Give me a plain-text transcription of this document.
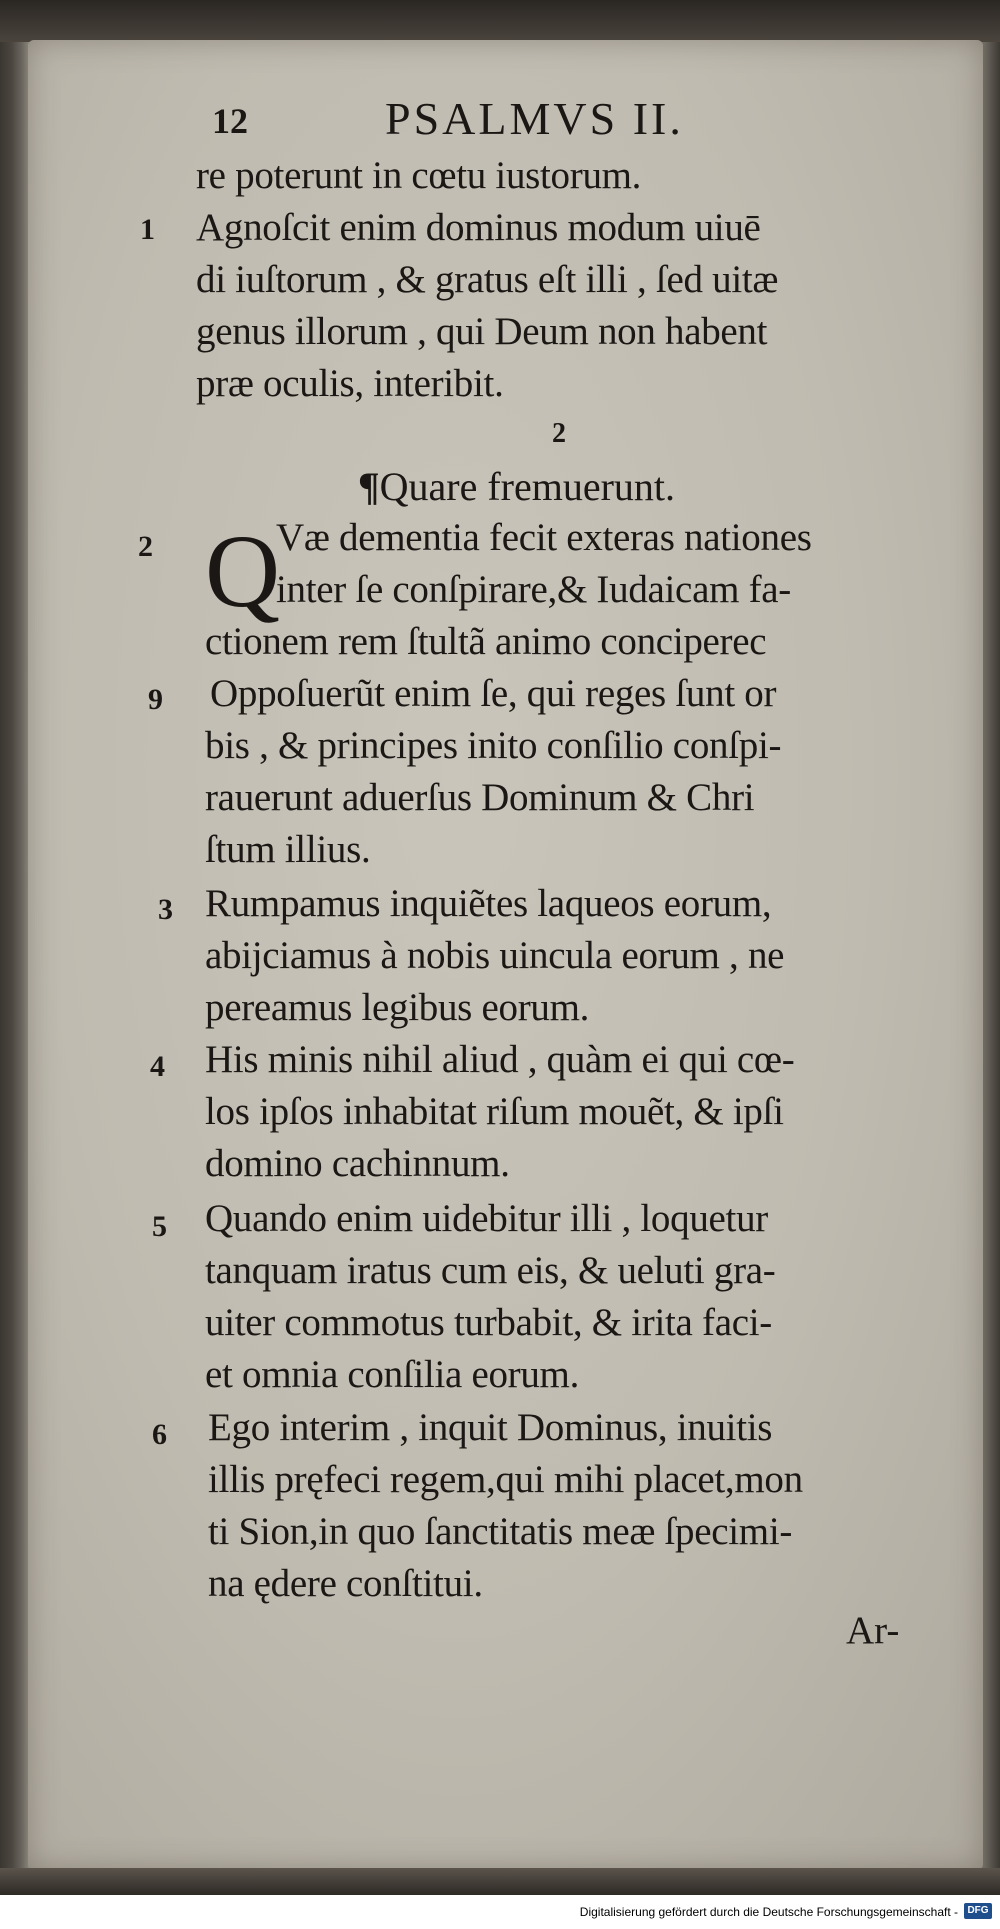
12	PSALMVS II.
re poterunt in cœtu iustorum.
1 Agnoſcit enim dominus modum uiuē
di iuſtorum , & gratus eſt illi , ſed uitæ
genus illorum , qui Deum non habent
præ oculis, interibit.
2
¶Quare fremuerunt.
Q
2	Væ dementia fecit exteras nationes
inter ſe conſpirare,& Iudaicam fa-
ctionem rem ſtultã animo conciperec
9 Oppoſuerũt enim ſe, qui reges ſunt or
bis , & principes inito conſilio conſpi-
rauerunt aduerſus Dominum & Chri
ſtum illius.
3 Rumpamus inquiẽtes laqueos eorum,
abijciamus à nobis uincula eorum , ne
pereamus legibus eorum.
4 His minis nihil aliud , quàm ei qui cœ-
los ipſos inhabitat riſum mouẽt, & ipſi
domino cachinnum.
5 Quando enim uidebitur illi , loquetur
tanquam iratus cum eis, & ueluti gra-
uiter commotus turbabit, & irita faci-
et omnia conſilia eorum.
6 Ego interim , inquit Dominus, inuitis
illis pręfeci regem,qui mihi placet,mon
ti Sion,in quo ſanctitatis meæ ſpecimi-
na ędere conſtitui.
Ar-
Digitalisierung gefördert durch die Deutsche Forschungsgemeinschaft - DFG
